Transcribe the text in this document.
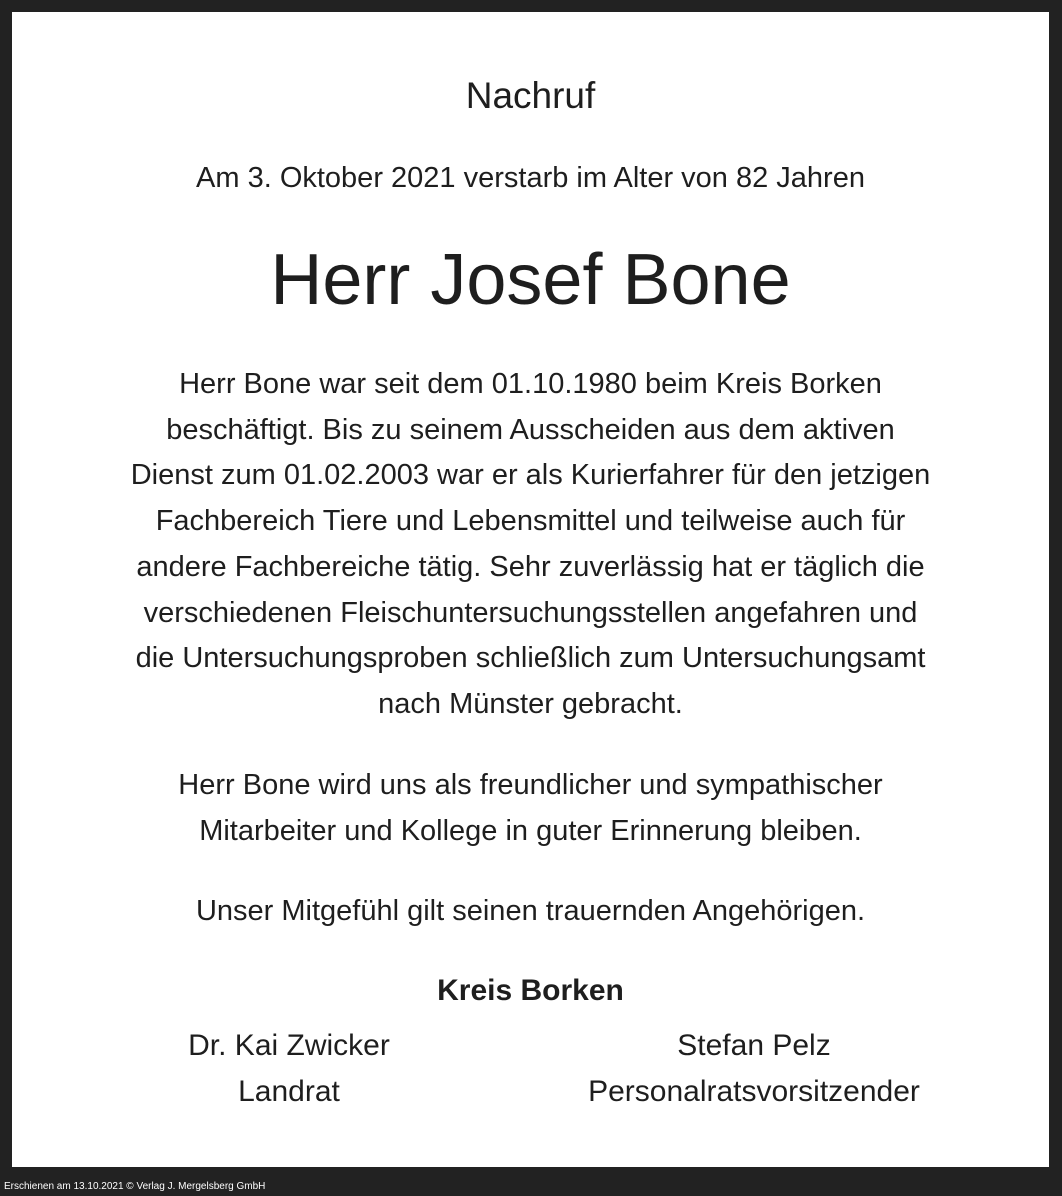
Nachruf
Am 3. Oktober 2021 verstarb im Alter von 82 Jahren
Herr Josef Bone
Herr Bone war seit dem 01.10.1980 beim Kreis Borken
beschäftigt. Bis zu seinem Ausscheiden aus dem aktiven
Dienst zum 01.02.2003 war er als Kurierfahrer für den jetzigen
Fachbereich Tiere und Lebensmittel und teilweise auch für
andere Fachbereiche tätig. Sehr zuverlässig hat er täglich die
verschiedenen Fleischuntersuchungsstellen angefahren und
die Untersuchungsproben schließlich zum Untersuchungsamt
nach Münster gebracht.
Herr Bone wird uns als freundlicher und sympathischer
Mitarbeiter und Kollege in guter Erinnerung bleiben.
Unser Mitgefühl gilt seinen trauernden Angehörigen.
Kreis Borken
Dr. Kai Zwicker
Landrat
Stefan Pelz
Personalratsvorsitzender
Erschienen am 13.10.2021 © Verlag J. Mergelsberg GmbH
